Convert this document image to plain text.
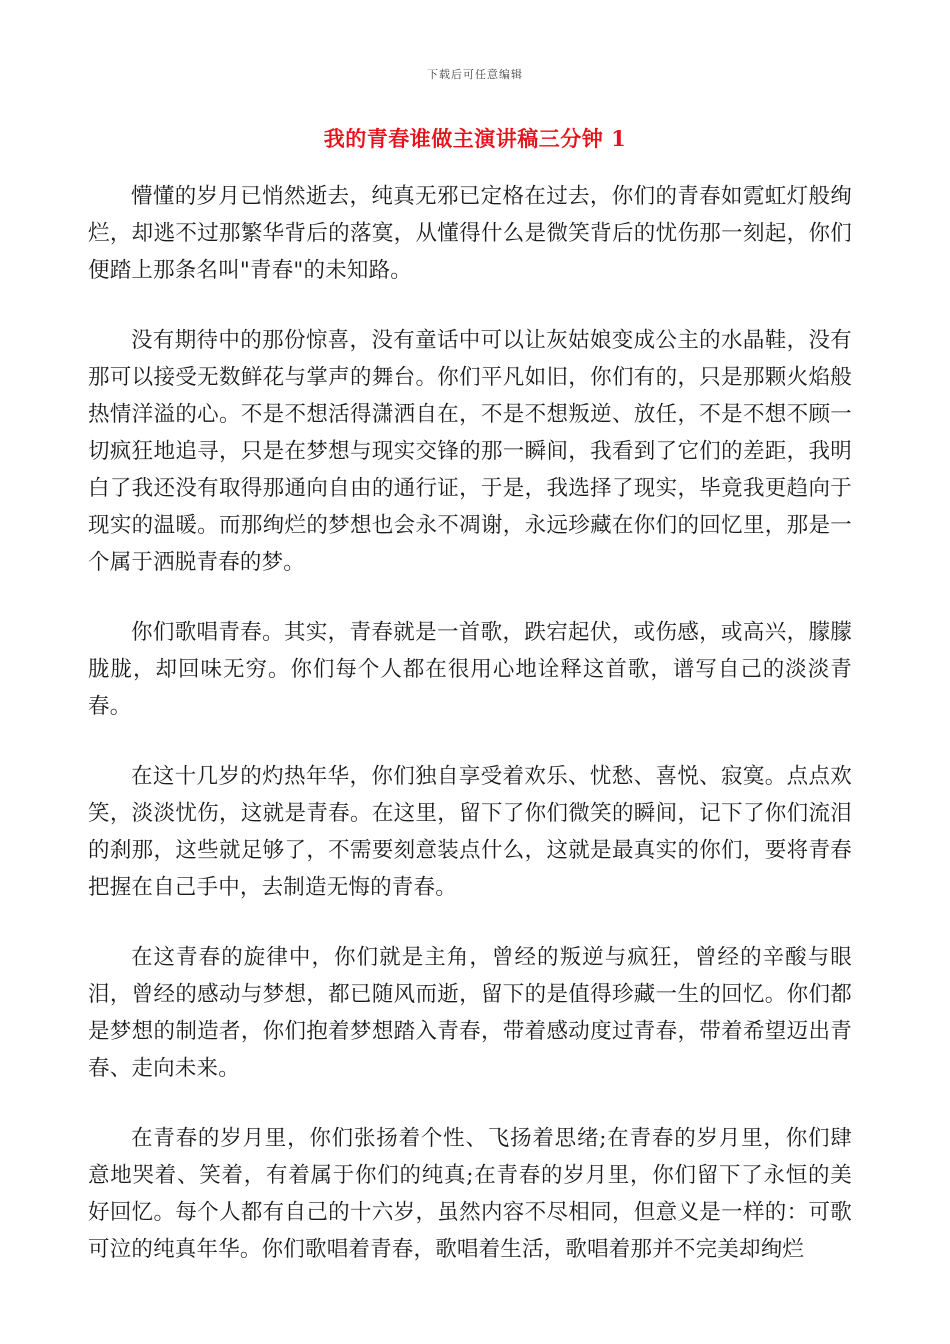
下载后可任意编辑
我的青春谁做主演讲稿三分钟 1

懵懂的岁月已悄然逝去，纯真无邪已定格在过去，你们的青春如霓虹灯般绚烂，却逃不过那繁华背后的落寞，从懂得什么是微笑背后的忧伤那一刻起，你们便踏上那条名叫"青春"的未知路。

没有期待中的那份惊喜，没有童话中可以让灰姑娘变成公主的水晶鞋，没有那可以接受无数鲜花与掌声的舞台。你们平凡如旧，你们有的，只是那颗火焰般热情洋溢的心。不是不想活得潇洒自在，不是不想叛逆、放任，不是不想不顾一切疯狂地追寻，只是在梦想与现实交锋的那一瞬间，我看到了它们的差距，我明白了我还没有取得那通向自由的通行证，于是，我选择了现实，毕竟我更趋向于现实的温暖。而那绚烂的梦想也会永不凋谢，永远珍藏在你们的回忆里，那是一个属于洒脱青春的梦。

你们歌唱青春。其实，青春就是一首歌，跌宕起伏，或伤感，或高兴，朦朦胧胧，却回味无穷。你们每个人都在很用心地诠释这首歌，谱写自己的淡淡青春。

在这十几岁的灼热年华，你们独自享受着欢乐、忧愁、喜悦、寂寞。点点欢笑，淡淡忧伤，这就是青春。在这里，留下了你们微笑的瞬间，记下了你们流泪的刹那，这些就足够了，不需要刻意装点什么，这就是最真实的你们，要将青春把握在自己手中，去制造无悔的青春。

在这青春的旋律中，你们就是主角，曾经的叛逆与疯狂，曾经的辛酸与眼泪，曾经的感动与梦想，都已随风而逝，留下的是值得珍藏一生的回忆。你们都是梦想的制造者，你们抱着梦想踏入青春，带着感动度过青春，带着希望迈出青春、走向未来。

在青春的岁月里，你们张扬着个性、飞扬着思绪;在青春的岁月里，你们肆意地哭着、笑着，有着属于你们的纯真;在青春的岁月里，你们留下了永恒的美好回忆。每个人都有自己的十六岁，虽然内容不尽相同，但意义是一样的：可歌可泣的纯真年华。你们歌唱着青春，歌唱着生活，歌唱着那并不完美却绚烂
